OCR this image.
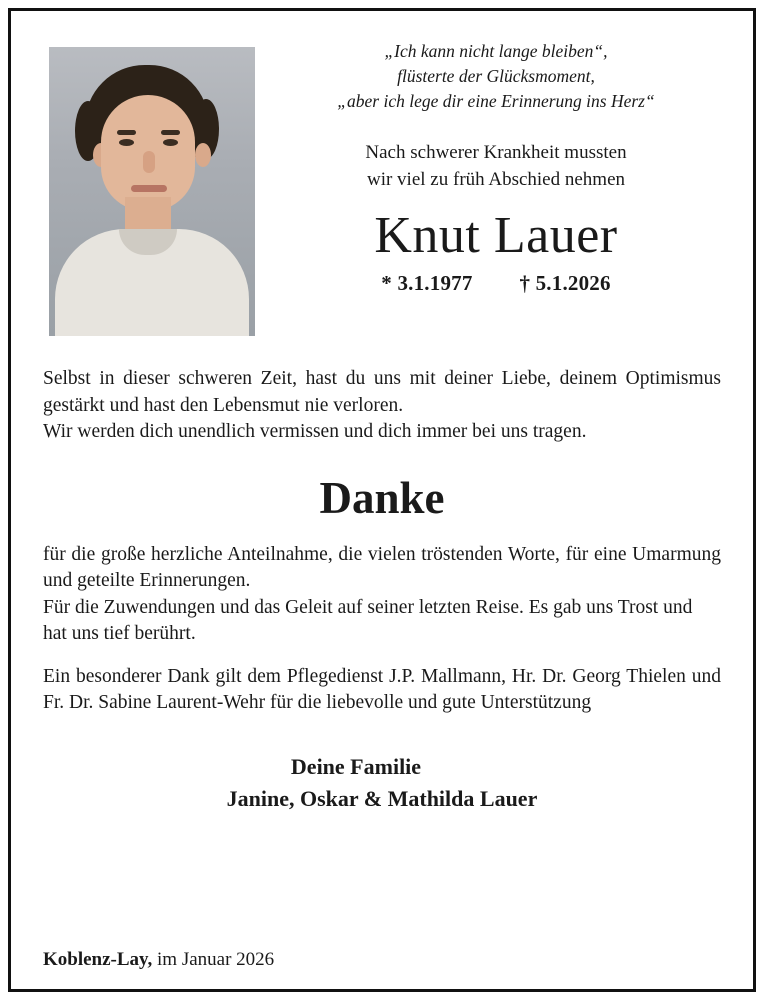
„Ich kann nicht lange bleiben“,
flüsterte der Glücksmoment,
„aber ich lege dir eine Erinnerung ins Herz“
Nach schwerer Krankheit mussten
wir viel zu früh Abschied nehmen
Knut Lauer
* 3.1.1977 † 5.1.2026

Selbst in dieser schweren Zeit, hast du uns mit deiner Liebe, deinem Optimismus gestärkt und hast den Lebensmut nie verloren.

Wir werden dich unendlich vermissen und dich immer bei uns tragen.

Danke

für die große herzliche Anteilnahme, die vielen tröstenden Worte, für eine Umarmung und geteilte Erinnerungen.

Für die Zuwendungen und das Geleit auf seiner letzten Reise. Es gab uns Trost und hat uns tief berührt.

Ein besonderer Dank gilt dem Pflegedienst J.P. Mallmann, Hr. Dr. Georg Thielen und Fr. Dr. Sabine Laurent-Wehr für die liebevolle und gute Unterstützung

Deine Familie
Janine, Oskar & Mathilda Lauer
Koblenz-Lay, im Januar 2026
